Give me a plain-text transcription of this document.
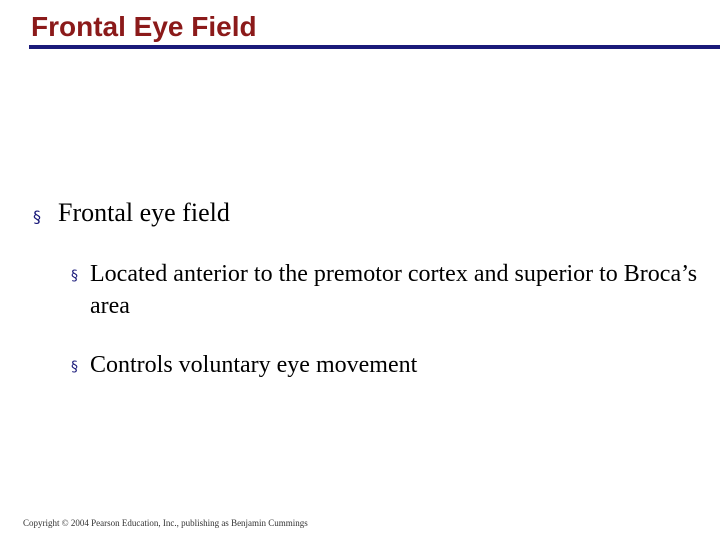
Frontal Eye Field
§ Frontal eye field
§ Located anterior to the premotor cortex and superior to Broca’s area
§ Controls voluntary eye movement
Copyright © 2004 Pearson Education, Inc., publishing as Benjamin Cummings
